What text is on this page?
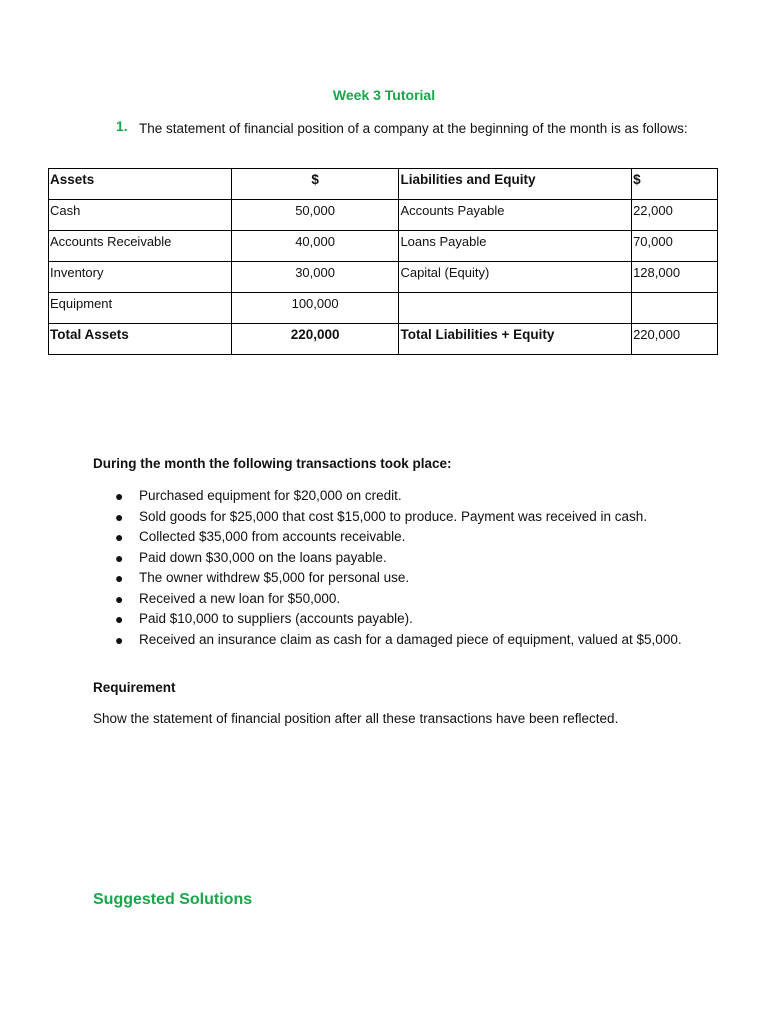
Week 3 Tutorial
1. The statement of financial position of a company at the beginning of the month is as follows:
Assets	$	Liabilities and Equity	$
Cash	50,000	Accounts Payable	22,000
Accounts Receivable	40,000	Loans Payable	70,000
Inventory	30,000	Capital (Equity)	128,000
Equipment	100,000		
Total Assets	220,000	Total Liabilities + Equity	220,000
During the month the following transactions took place:
● Purchased equipment for $20,000 on credit.
● Sold goods for $25,000 that cost $15,000 to produce. Payment was received in cash.
● Collected $35,000 from accounts receivable.
● Paid down $30,000 on the loans payable.
● The owner withdrew $5,000 for personal use.
● Received a new loan for $50,000.
● Paid $10,000 to suppliers (accounts payable).
● Received an insurance claim as cash for a damaged piece of equipment, valued at $5,000.
Requirement
Show the statement of financial position after all these transactions have been reflected.
Suggested Solutions
